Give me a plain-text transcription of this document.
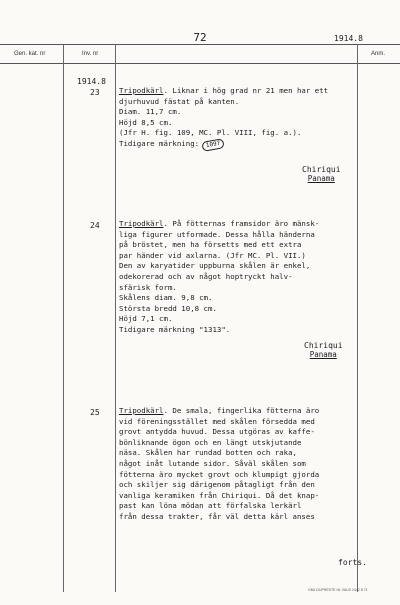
72	1914.8
Gen. kat. nr	Inv. nr	Anm.
1914.8
23	Tripodkärl. Liknar i hög grad nr 21 men har ett
djurhuvud fästat på kanten.
Diam. 11,7 cm.
Höjd 8,5 cm.
(Jfr H. fig. 109, MC. Pl. VIII, fig. a.).
Tidigare märkning: 1097
Chiriqui
Panama
24	Tripodkärl. På fötternas framsidor äro mänsk-
liga figurer utformade. Dessa hålla händerna
på bröstet, men ha försetts med ett extra
par händer vid axlarna. (Jfr MC. Pl. VII.)
Den av karyatider uppburna skålen är enkel,
odekorerad och av något hoptryckt halv-
sfärisk form.
Skålens diam. 9,8 cm.
Största bredd 10,8 cm.
Höjd 7,1 cm.
Tidigare märkning "1313".
Chiriqui
Panama
25	Tripodkärl. De smala, fingerlika fötterna äro
vid föreningsstället med skålen försedda med
grovt antydda huvud. Dessa utgöras av kaffe-
bönliknande ögon och en längt utskjutande
näsa. Skålen har rundad botten och raka,
något inåt lutande sidor. Såväl skålen som
fötterna äro mycket grovt och klumpigt gjorda
och skiljer sig därigenom påtagligt från den
vanliga keramiken från Chiriqui. Då det knap-
past kan löna mödan att förfalska lerkärl
från dessa trakter, får väl detta kärl anses
forts.
GML DUPRESTE HL VAUX 2442 8 71
